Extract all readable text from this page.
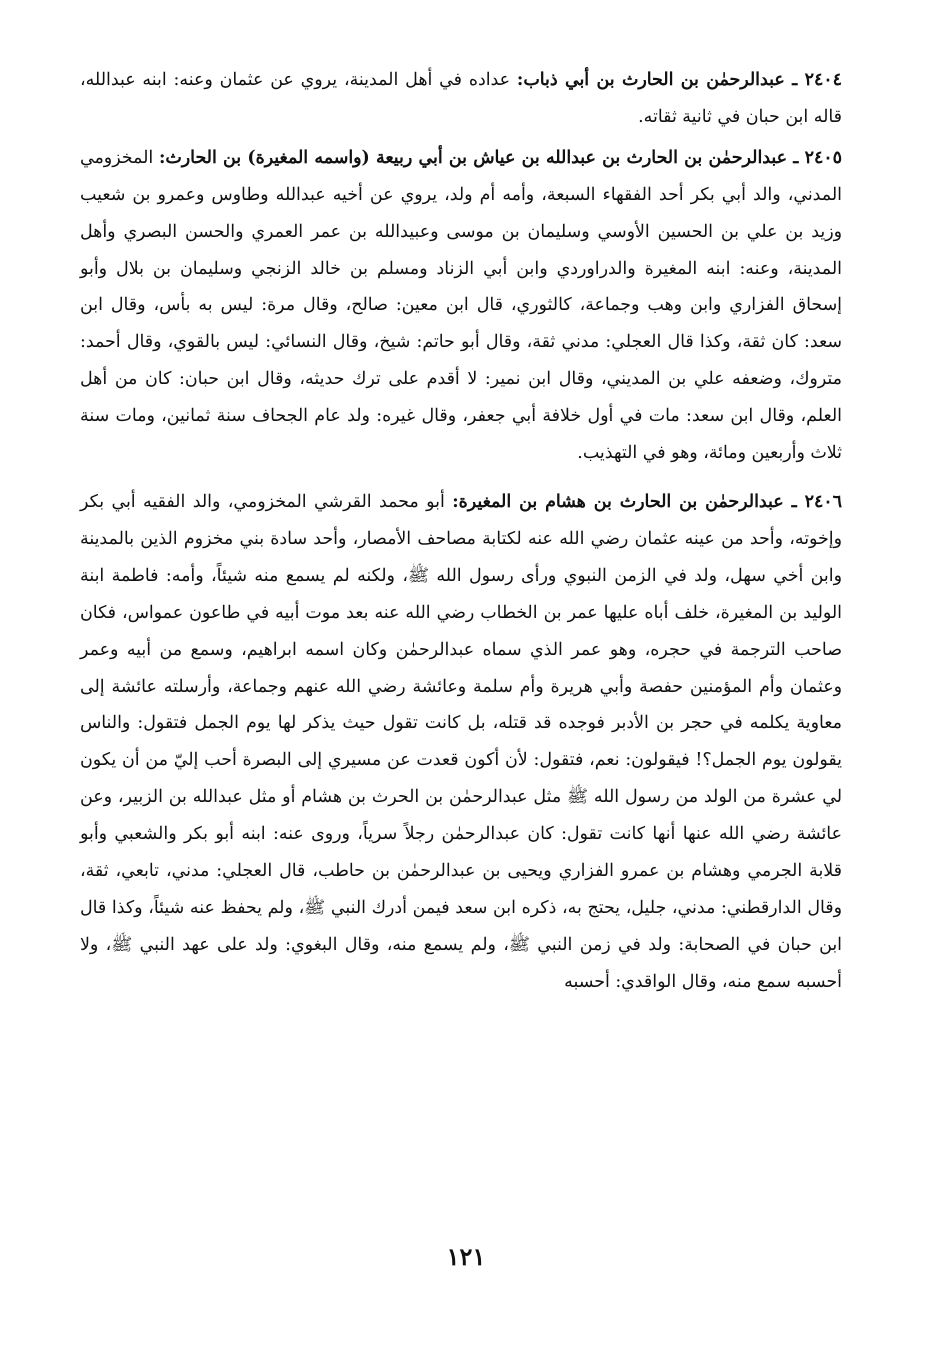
٢٤٠٤ ـ عبدالرحمٰن بن الحارث بن أبي ذباب: عداده في أهل المدينة، يروي عن عثمان وعنه: ابنه عبدالله، قاله ابن حبان في ثانية ثقاته.

٢٤٠٥ ـ عبدالرحمٰن بن الحارث بن عبدالله بن عياش بن أبي ربيعة (واسمه المغيرة) بن الحارث: المخزومي المدني، والد أبي بكر أحد الفقهاء السبعة، وأمه أم ولد، يروي عن أخيه عبدالله وطاوس وعمرو بن شعيب وزيد بن علي بن الحسين الأوسي وسليمان بن موسى وعبيدالله بن عمر العمري والحسن البصري وأهل المدينة، وعنه: ابنه المغيرة والدراوردي وابن أبي الزناد ومسلم بن خالد الزنجي وسليمان بن بلال وأبو إسحاق الفزاري وابن وهب وجماعة، كالثوري، قال ابن معين: صالح، وقال مرة: ليس به بأس، وقال ابن سعد: كان ثقة، وكذا قال العجلي: مدني ثقة، وقال أبو حاتم: شيخ، وقال النسائي: ليس بالقوي، وقال أحمد: متروك، وضعفه علي بن المديني، وقال ابن نمير: لا أقدم على ترك حديثه، وقال ابن حبان: كان من أهل العلم، وقال ابن سعد: مات في أول خلافة أبي جعفر، وقال غيره: ولد عام الجحاف سنة ثمانين، ومات سنة ثلاث وأربعين ومائة، وهو في التهذيب.

٢٤٠٦ ـ عبدالرحمٰن بن الحارث بن هشام بن المغيرة: أبو محمد القرشي المخزومي، والد الفقيه أبي بكر وإخوته، وأحد من عينه عثمان رضي الله عنه لكتابة مصاحف الأمصار، وأحد سادة بني مخزوم الذين بالمدينة وابن أخي سهل، ولد في الزمن النبوي ورأى رسول الله ﷺ، ولكنه لم يسمع منه شيئاً، وأمه: فاطمة ابنة الوليد بن المغيرة، خلف أباه عليها عمر بن الخطاب رضي الله عنه بعد موت أبيه في طاعون عمواس، فكان صاحب الترجمة في حجره، وهو عمر الذي سماه عبدالرحمٰن وكان اسمه ابراهيم، وسمع من أبيه وعمر وعثمان وأم المؤمنين حفصة وأبي هريرة وأم سلمة وعائشة رضي الله عنهم وجماعة، وأرسلته عائشة إلى معاوية يكلمه في حجر بن الأدبر فوجده قد قتله، بل كانت تقول حيث يذكر لها يوم الجمل فتقول: والناس يقولون يوم الجمل؟! فيقولون: نعم، فتقول: لأن أكون قعدت عن مسيري إلى البصرة أحب إليّ من أن يكون لي عشرة من الولد من رسول الله ﷺ مثل عبدالرحمٰن بن الحرث بن هشام أو مثل عبدالله بن الزبير، وعن عائشة رضي الله عنها أنها كانت تقول: كان عبدالرحمٰن رجلاً سرياً، وروى عنه: ابنه أبو بكر والشعبي وأبو قلابة الجرمي وهشام بن عمرو الفزاري ويحيى بن عبدالرحمٰن بن حاطب، قال العجلي: مدني، تابعي، ثقة، وقال الدارقطني: مدني، جليل، يحتج به، ذكره ابن سعد فيمن أدرك النبي ﷺ، ولم يحفظ عنه شيئاً، وكذا قال ابن حبان في الصحابة: ولد في زمن النبي ﷺ، ولم يسمع منه، وقال البغوي: ولد على عهد النبي ﷺ، ولا أحسبه سمع منه، وقال الواقدي: أحسبه

١٢١
